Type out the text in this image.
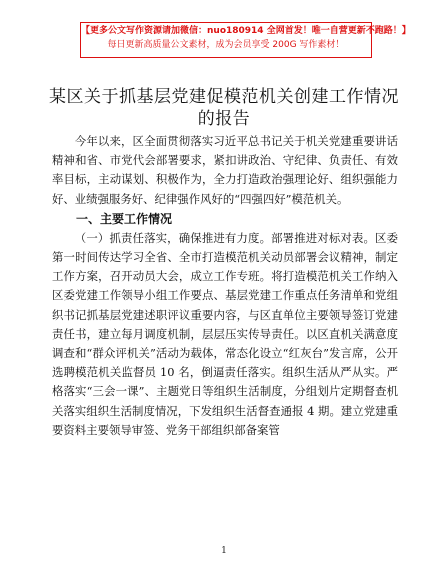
【更多公文写作资源请加微信：nuo180914 全网首发！唯一自营更新不跑路！】
每日更新高质量公文素材，成为会员享受 200G 写作素材！
某区关于抓基层党建促模范机关创建工作情况
的报告

今年以来，区全面贯彻落实习近平总书记关于机关党建重要讲话精神和省、市党代会部署要求，紧扣讲政治、守纪律、负责任、有效率目标，主动谋划、积极作为，全力打造政治强理论好、组织强能力好、业绩强服务好、纪律强作风好的“四强四好”模范机关。

一、主要工作情况

（一）抓责任落实，确保推进有力度。部署推进对标对表。区委第一时间传达学习全省、全市打造模范机关动员部署会议精神，制定工作方案，召开动员大会，成立工作专班。将打造模范机关工作纳入区委党建工作领导小组工作要点、基层党建工作重点任务清单和党组织书记抓基层党建述职评议重要内容，与区直单位主要领导签订党建责任书，建立每月调度机制，层层压实传导责任。以区直机关满意度调查和“群众评机关”活动为载体，常态化设立“红灰台”发言席，公开选聘模范机关监督员 10 名，倒逼责任落实。组织生活从严从实。严格落实“三会一课”、主题党日等组织生活制度，分组划片定期督查机关落实组织生活制度情况，下发组织生活督查通报 4 期。建立党建重要资料主要领导审签、党务干部组织部备案管

1
